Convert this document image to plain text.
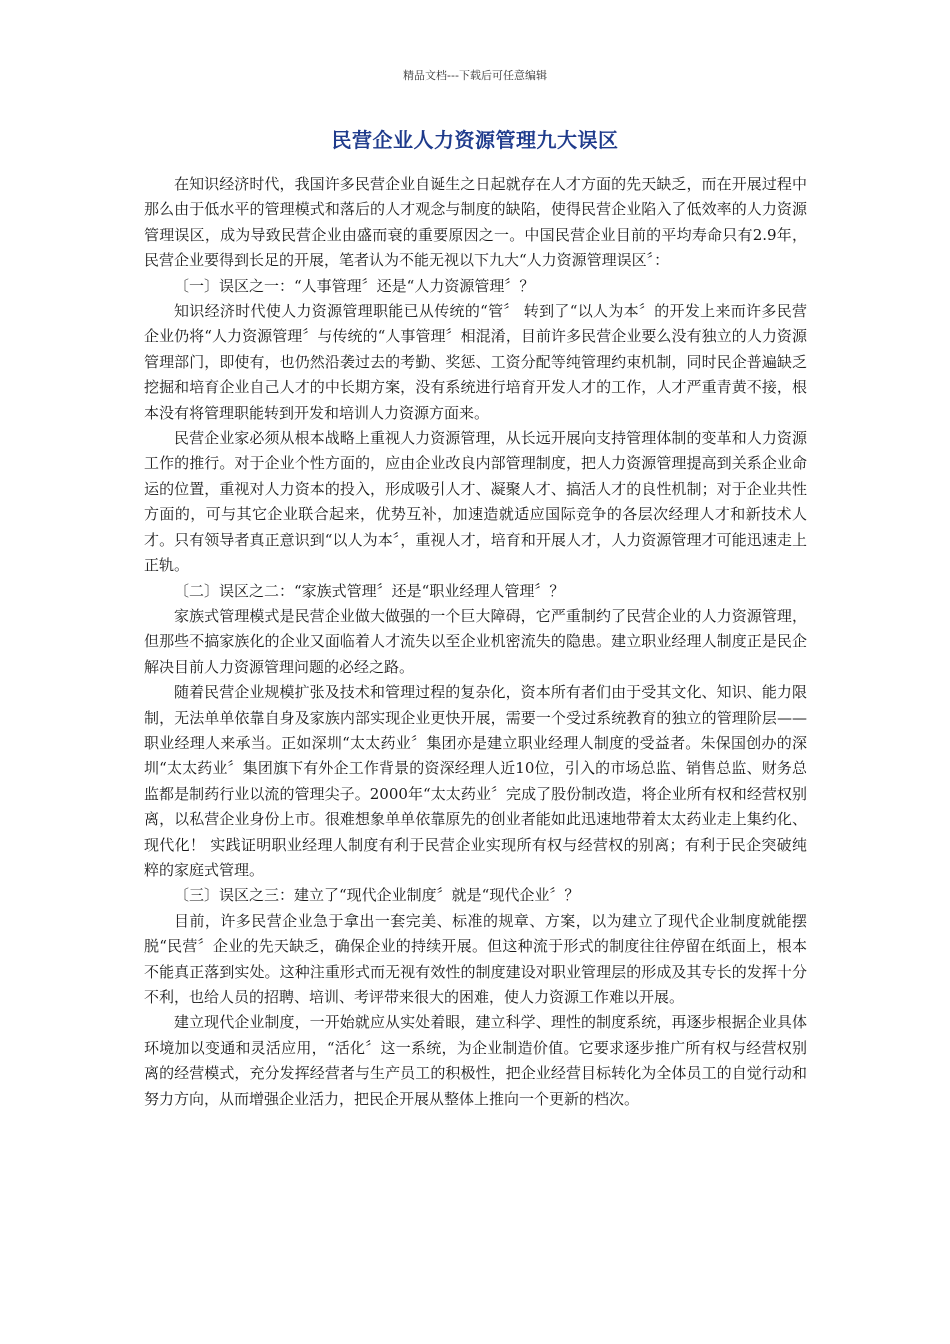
精品文档---下载后可任意编辑
民营企业人力资源管理九大误区

在知识经济时代，我国许多民营企业自诞生之日起就存在人才方面的先天缺乏，而在开展过程中那么由于低水平的管理模式和落后的人才观念与制度的缺陷，使得民营企业陷入了低效率的人力资源管理误区，成为导致民营企业由盛而衰的重要原因之一。中国民营企业目前的平均寿命只有2.9年，民营企业要得到长足的开展，笔者认为不能无视以下九大“人力资源管理误区〞：

〔一〕误区之一：“人事管理〞还是“人力资源管理〞？

知识经济时代使人力资源管理职能已从传统的“管〞 转到了“以人为本〞的开发上来而许多民营企业仍将“人力资源管理〞与传统的“人事管理〞相混淆，目前许多民营企业要么没有独立的人力资源管理部门，即使有，也仍然沿袭过去的考勤、奖惩、工资分配等纯管理约束机制，同时民企普遍缺乏挖掘和培育企业自己人才的中长期方案，没有系统进行培育开发人才的工作，人才严重青黄不接，根本没有将管理职能转到开发和培训人力资源方面来。

民营企业家必须从根本战略上重视人力资源管理，从长远开展向支持管理体制的变革和人力资源工作的推行。对于企业个性方面的，应由企业改良内部管理制度，把人力资源管理提高到关系企业命运的位置，重视对人力资本的投入，形成吸引人才、凝聚人才、搞活人才的良性机制；对于企业共性方面的，可与其它企业联合起来，优势互补，加速造就适应国际竞争的各层次经理人才和新技术人才。只有领导者真正意识到“以人为本〞，重视人才，培育和开展人才，人力资源管理才可能迅速走上正轨。

〔二〕误区之二：“家族式管理〞还是“职业经理人管理〞？

家族式管理模式是民营企业做大做强的一个巨大障碍，它严重制约了民营企业的人力资源管理，但那些不搞家族化的企业又面临着人才流失以至企业机密流失的隐患。建立职业经理人制度正是民企解决目前人力资源管理问题的必经之路。

随着民营企业规模扩张及技术和管理过程的复杂化，资本所有者们由于受其文化、知识、能力限制，无法单单依靠自身及家族内部实现企业更快开展，需要一个受过系统教育的独立的管理阶层——职业经理人来承当。正如深圳“太太药业〞集团亦是建立职业经理人制度的受益者。朱保国创办的深圳“太太药业〞集团旗下有外企工作背景的资深经理人近10位，引入的市场总监、销售总监、财务总监都是制药行业以流的管理尖子。2000年“太太药业〞完成了股份制改造，将企业所有权和经营权别离，以私营企业身份上市。很难想象单单依靠原先的创业者能如此迅速地带着太太药业走上集约化、现代化！ 实践证明职业经理人制度有利于民营企业实现所有权与经营权的别离；有利于民企突破纯粹的家庭式管理。

〔三〕误区之三：建立了“现代企业制度〞就是“现代企业〞？

目前，许多民营企业急于拿出一套完美、标准的规章、方案，以为建立了现代企业制度就能摆脱“民营〞企业的先天缺乏，确保企业的持续开展。但这种流于形式的制度往往停留在纸面上，根本不能真正落到实处。这种注重形式而无视有效性的制度建设对职业管理层的形成及其专长的发挥十分不利，也给人员的招聘、培训、考评带来很大的困难，使人力资源工作难以开展。

建立现代企业制度，一开始就应从实处着眼，建立科学、理性的制度系统，再逐步根据企业具体环境加以变通和灵活应用，“活化〞这一系统，为企业制造价值。它要求逐步推广所有权与经营权别离的经营模式，充分发挥经营者与生产员工的积极性，把企业经营目标转化为全体员工的自觉行动和努力方向，从而增强企业活力，把民企开展从整体上推向一个更新的档次。
